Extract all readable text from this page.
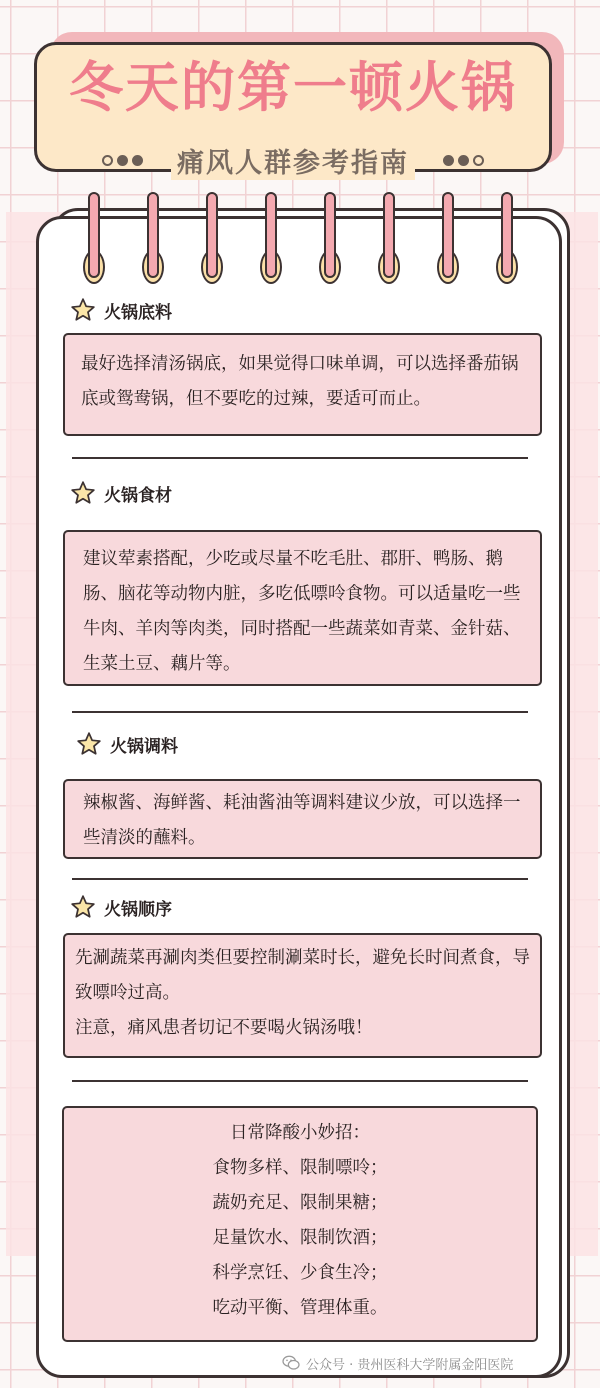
冬天的第一顿火锅
痛风人群参考指南
火锅底料
最好选择清汤锅底，如果觉得口味单调，可以选择番茄锅底或鸳鸯锅，但不要吃的过辣，要适可而止。
火锅食材
建议荤素搭配，少吃或尽量不吃毛肚、郡肝、鸭肠、鹅肠、脑花等动物内脏，多吃低嘌呤食物。可以适量吃一些牛肉、羊肉等肉类，同时搭配一些蔬菜如青菜、金针菇、生菜土豆、藕片等。
火锅调料
辣椒酱、海鲜酱、耗油酱油等调料建议少放，可以选择一些清淡的蘸料。
火锅顺序
先涮蔬菜再涮肉类但要控制涮菜时长，避免长时间煮食，导致嘌呤过高。
注意，痛风患者切记不要喝火锅汤哦！

日常降酸小妙招：

食物多样、限制嘌呤；

蔬奶充足、限制果糖；

足量饮水、限制饮酒；

科学烹饪、少食生冷；

吃动平衡、管理体重。

公众号 · 贵州医科大学附属金阳医院
